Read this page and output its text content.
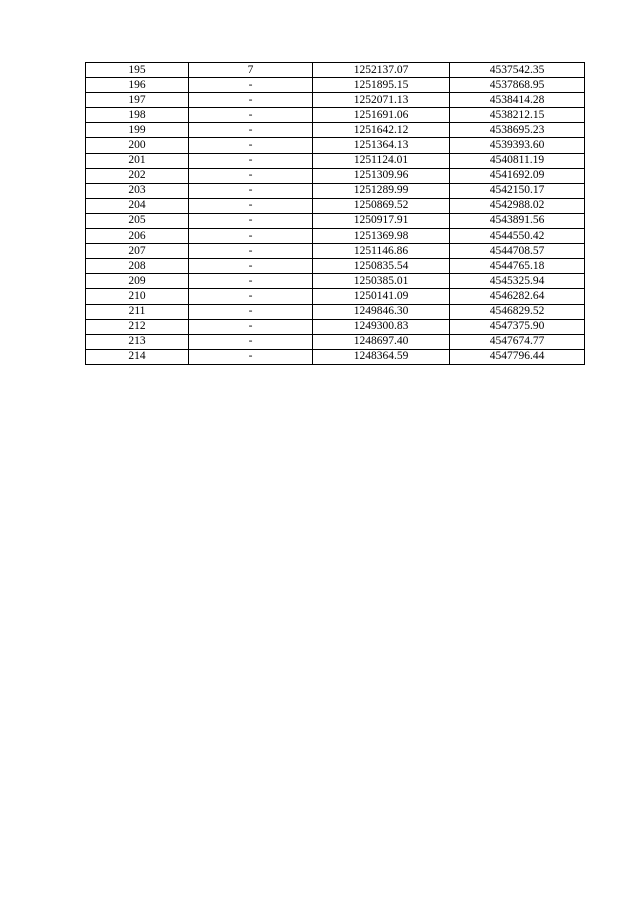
195	7	1252137.07	4537542.35
196	-	1251895.15	4537868.95
197	-	1252071.13	4538414.28
198	-	1251691.06	4538212.15
199	-	1251642.12	4538695.23
200	-	1251364.13	4539393.60
201	-	1251124.01	4540811.19
202	-	1251309.96	4541692.09
203	-	1251289.99	4542150.17
204	-	1250869.52	4542988.02
205	-	1250917.91	4543891.56
206	-	1251369.98	4544550.42
207	-	1251146.86	4544708.57
208	-	1250835.54	4544765.18
209	-	1250385.01	4545325.94
210	-	1250141.09	4546282.64
211	-	1249846.30	4546829.52
212	-	1249300.83	4547375.90
213	-	1248697.40	4547674.77
214	-	1248364.59	4547796.44
